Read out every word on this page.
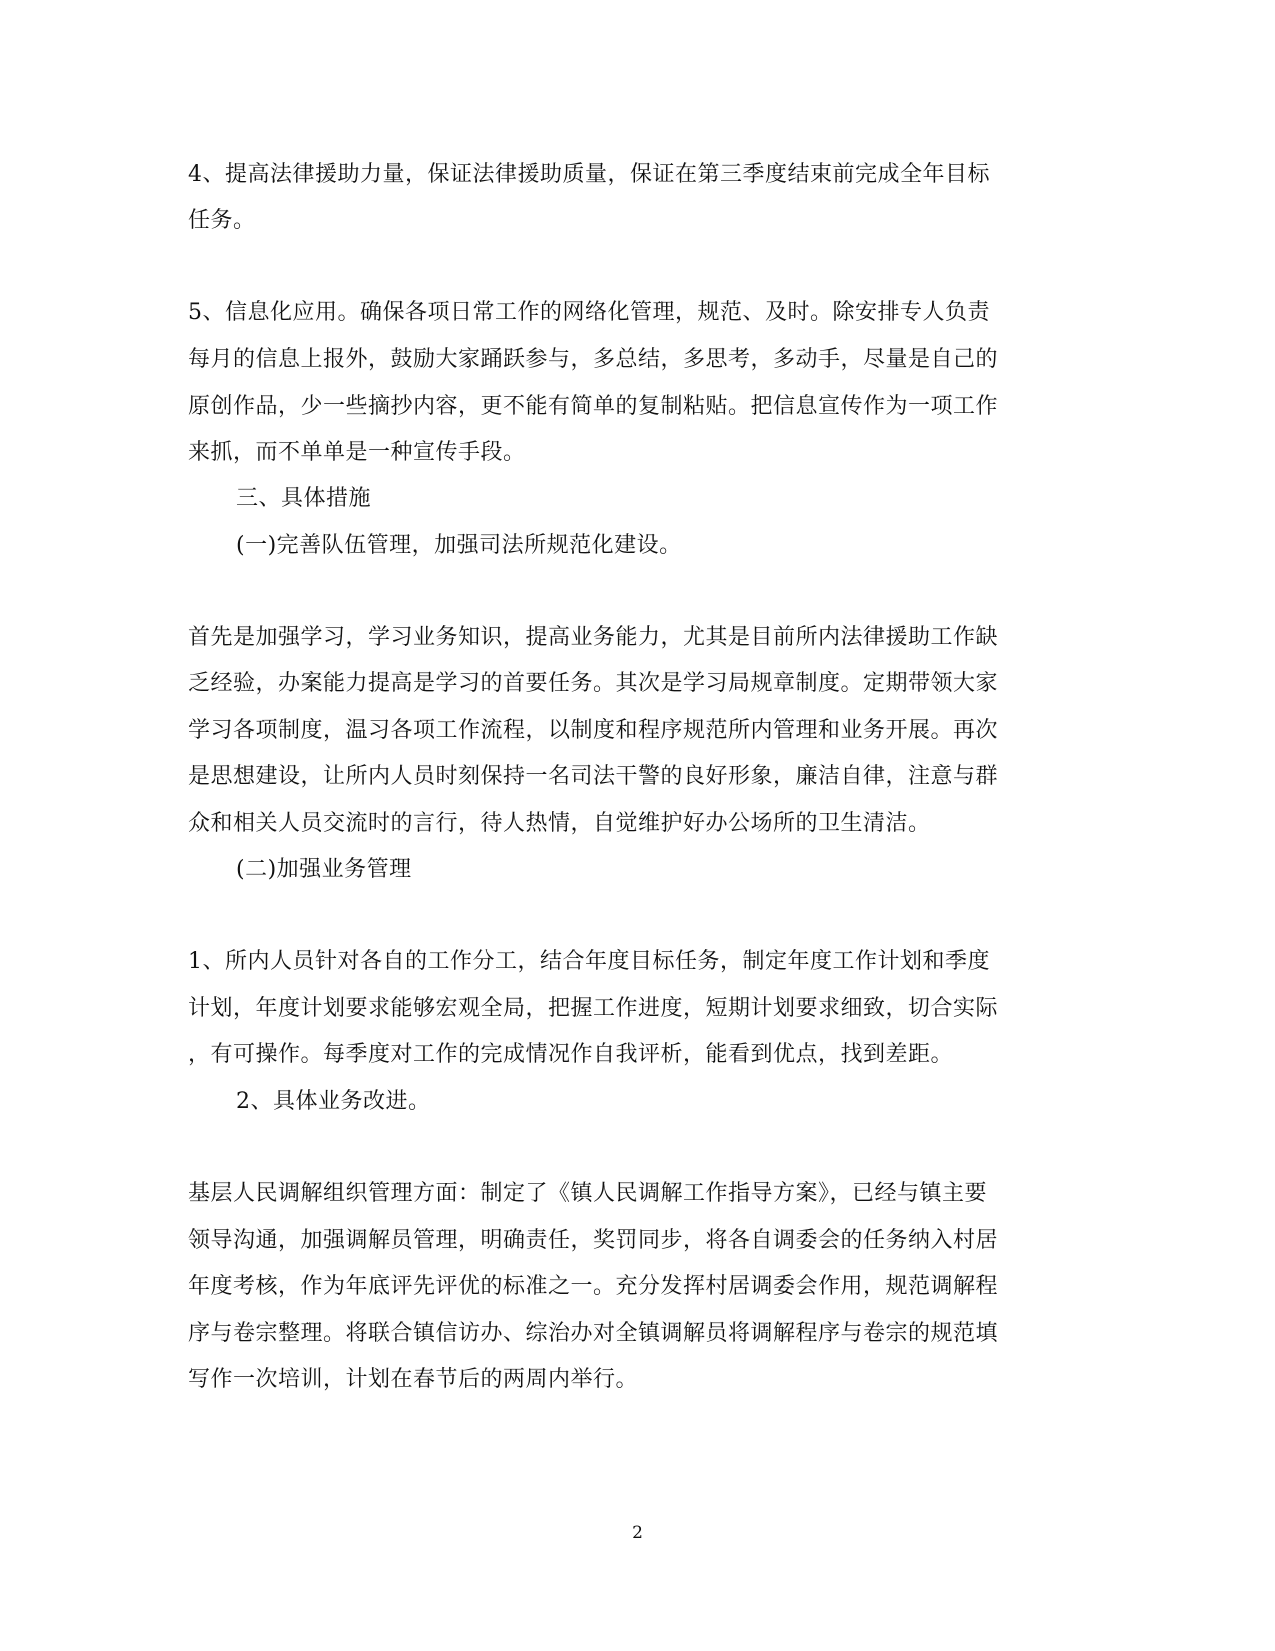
4、提高法律援助力量，保证法律援助质量，保证在第三季度结束前完成全年目标
任务。
5、信息化应用。确保各项日常工作的网络化管理，规范、及时。除安排专人负责
每月的信息上报外，鼓励大家踊跃参与，多总结，多思考，多动手，尽量是自己的
原创作品，少一些摘抄内容，更不能有简单的复制粘贴。把信息宣传作为一项工作
来抓，而不单单是一种宣传手段。
三、具体措施
(一)完善队伍管理，加强司法所规范化建设。
首先是加强学习，学习业务知识，提高业务能力，尤其是目前所内法律援助工作缺
乏经验，办案能力提高是学习的首要任务。其次是学习局规章制度。定期带领大家
学习各项制度，温习各项工作流程，以制度和程序规范所内管理和业务开展。再次
是思想建设，让所内人员时刻保持一名司法干警的良好形象，廉洁自律，注意与群
众和相关人员交流时的言行，待人热情，自觉维护好办公场所的卫生清洁。
(二)加强业务管理
1、所内人员针对各自的工作分工，结合年度目标任务，制定年度工作计划和季度
计划，年度计划要求能够宏观全局，把握工作进度，短期计划要求细致，切合实际
，有可操作。每季度对工作的完成情况作自我评析，能看到优点，找到差距。
2、具体业务改进。
基层人民调解组织管理方面：制定了《镇人民调解工作指导方案》，已经与镇主要
领导沟通，加强调解员管理，明确责任，奖罚同步，将各自调委会的任务纳入村居
年度考核，作为年底评先评优的标准之一。充分发挥村居调委会作用，规范调解程
序与卷宗整理。将联合镇信访办、综治办对全镇调解员将调解程序与卷宗的规范填
写作一次培训，计划在春节后的两周内举行。
2
